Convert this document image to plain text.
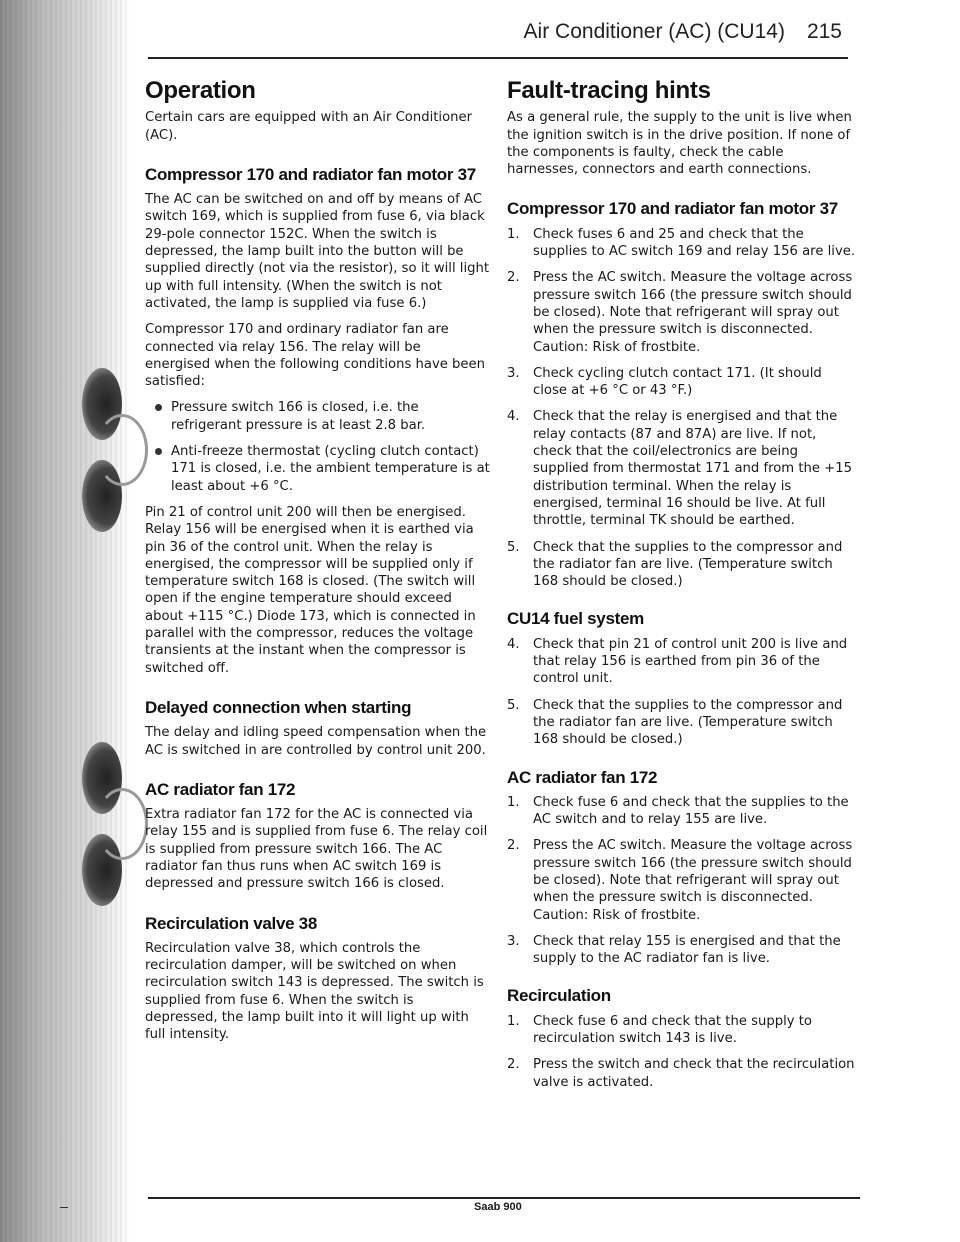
Air Conditioner (AC) (CU14) 215
Operation

Certain cars are equipped with an Air Conditioner (AC).

Compressor 170 and radiator fan motor 37

The AC can be switched on and off by means of AC switch 169, which is supplied from fuse 6, via black 29-pole connector 152C. When the switch is depressed, the lamp built into the button will be supplied directly (not via the resistor), so it will light up with full intensity. (When the switch is not activated, the lamp is supplied via fuse 6.)

Compressor 170 and ordinary radiator fan are connected via relay 156. The relay will be energised when the following conditions have been satisfied:

Pressure switch 166 is closed, i.e. the refrigerant pressure is at least 2.8 bar.
Anti-freeze thermostat (cycling clutch contact) 171 is closed, i.e. the ambient temperature is at least about +6 °C.

Pin 21 of control unit 200 will then be energised. Relay 156 will be energised when it is earthed via pin 36 of the control unit. When the relay is energised, the compressor will be supplied only if temperature switch 168 is closed. (The switch will open if the engine temperature should exceed about +115 °C.) Diode 173, which is connected in parallel with the compressor, reduces the voltage transients at the instant when the compressor is switched off.

Delayed connection when starting

The delay and idling speed compensation when the AC is switched in are controlled by control unit 200.

AC radiator fan 172

Extra radiator fan 172 for the AC is connected via relay 155 and is supplied from fuse 6. The relay coil is supplied from pressure switch 166. The AC radiator fan thus runs when AC switch 169 is depressed and pressure switch 166 is closed.

Recirculation valve 38

Recirculation valve 38, which controls the recirculation damper, will be switched on when recirculation switch 143 is depressed. The switch is supplied from fuse 6. When the switch is depressed, the lamp built into it will light up with full intensity.

Fault-tracing hints

As a general rule, the supply to the unit is live when the ignition switch is in the drive position. If none of the components is faulty, check the cable harnesses, connectors and earth connections.

Compressor 170 and radiator fan motor 37
1.	Check fuses 6 and 25 and check that the supplies to AC switch 169 and relay 156 are live.
2.	Press the AC switch. Measure the voltage across pressure switch 166 (the pressure switch should be closed). Note that refrigerant will spray out when the pressure switch is disconnected. Caution: Risk of frostbite.
3.	Check cycling clutch contact 171. (It should close at +6 °C or 43 °F.)
4.	Check that the relay is energised and that the relay contacts (87 and 87A) are live. If not, check that the coil/electronics are being supplied from thermostat 171 and from the +15 distribution terminal. When the relay is energised, terminal 16 should be live. At full throttle, terminal TK should be earthed.
5.	Check that the supplies to the compressor and the radiator fan are live. (Temperature switch 168 should be closed.)
CU14 fuel system
4.	Check that pin 21 of control unit 200 is live and that relay 156 is earthed from pin 36 of the control unit.
5.	Check that the supplies to the compressor and the radiator fan are live. (Temperature switch 168 should be closed.)
AC radiator fan 172
1.	Check fuse 6 and check that the supplies to the AC switch and to relay 155 are live.
2.	Press the AC switch. Measure the voltage across pressure switch 166 (the pressure switch should be closed). Note that refrigerant will spray out when the pressure switch is disconnected. Caution: Risk of frostbite.
3.	Check that relay 155 is energised and that the supply to the AC radiator fan is live.
Recirculation
1.	Check fuse 6 and check that the supply to recirculation switch 143 is live.
2.	Press the switch and check that the recirculation valve is activated.
Saab 900
